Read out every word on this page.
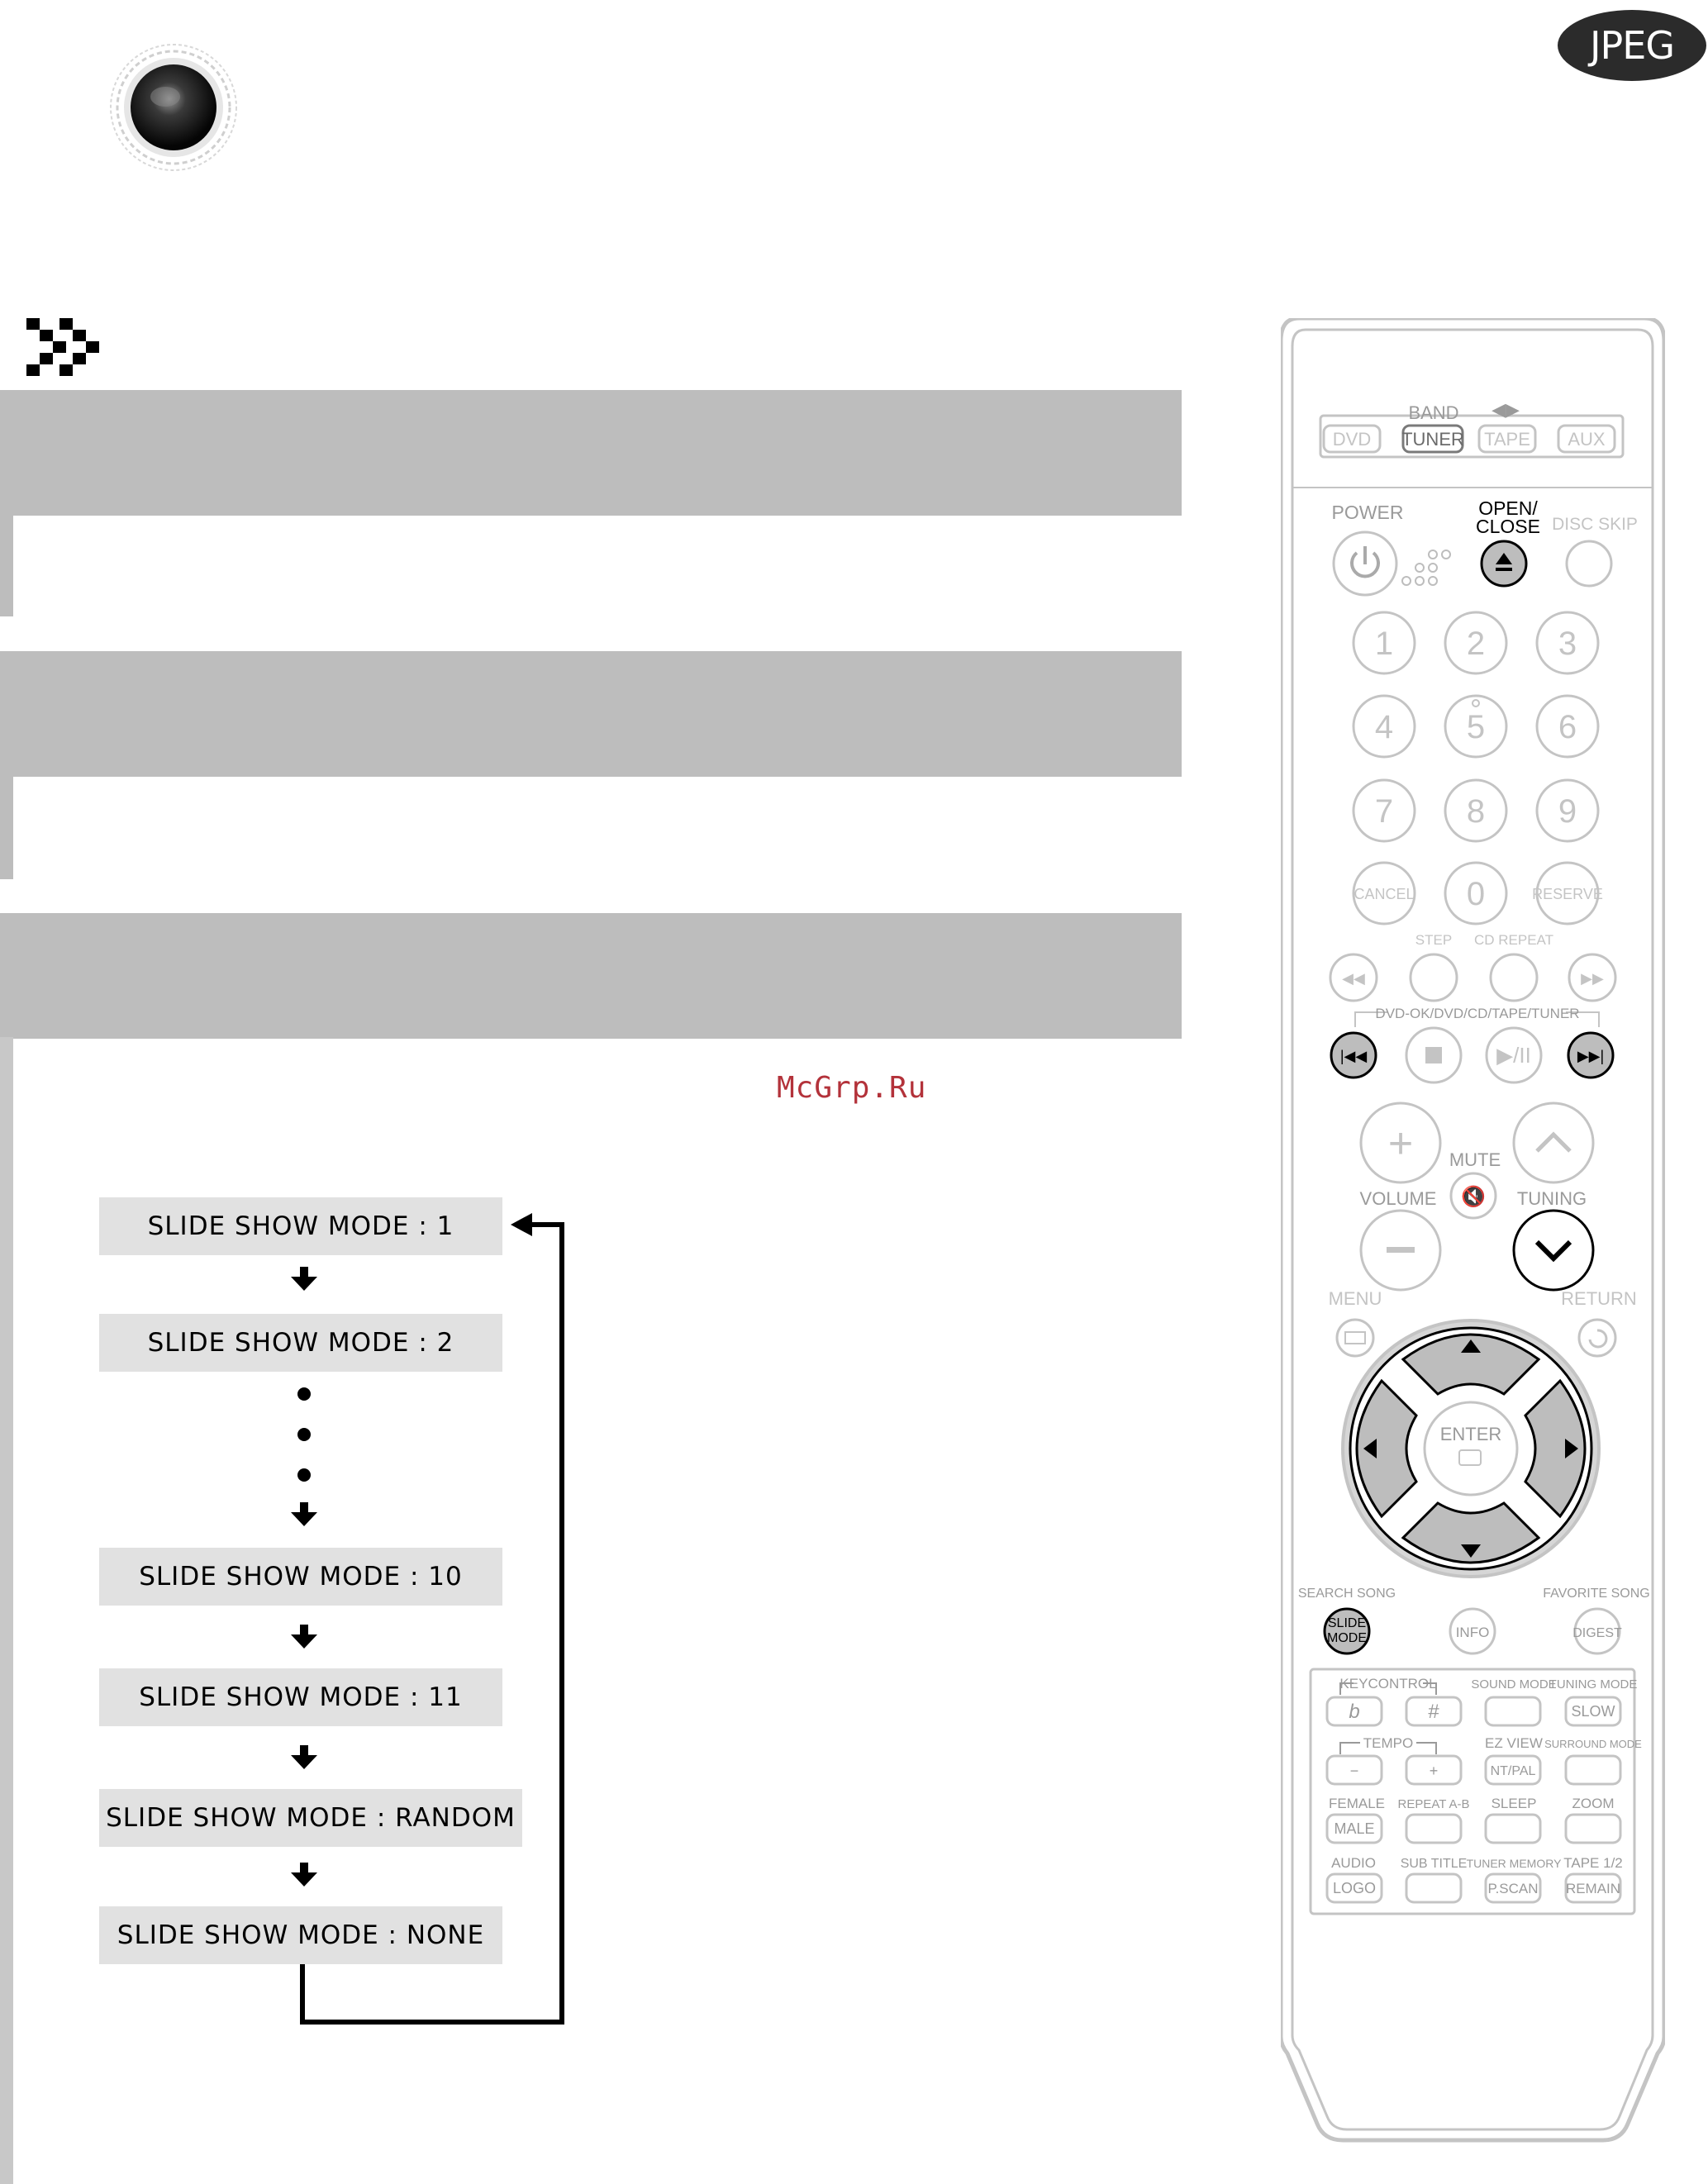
JPEG
McGrp.Ru
SLIDE SHOW MODE : 1
SLIDE SHOW MODE : 2
SLIDE SHOW MODE : 10
SLIDE SHOW MODE : 11
SLIDE SHOW MODE : RANDOM
SLIDE SHOW MODE : NONE
BAND ◀▶
DVD TUNER TAPE AUX
POWER	OPEN/
CLOSE DISC SKIP
1 2 3
4 5 6
7 8 9
CANCEL 0	RESERVE
STEP CD REPEAT
◀◀	▶▶
DVD-OK/DVD/CD/TAPE/TUNER
|◀◀	▶/II	▶▶|
+ MUTE
🔇
VOLUME	TUNING
MENU	RETURN
ENTER
SEARCH SONG	FAVORITE SONG
SLIDE
MODE	INFO	DIGEST
KEYCONTROL	SOUND MODE
TUNING MODE
TEMPO	EZ VIEW SURROUND MODE
FEMALE REPEAT A-B SLEEP	ZOOM
AUDIO SUB TITLE TUNER MEMORY TAPE 1/2
b	#	SLOW
−	+	NT/PAL
MALE
LOGO	P.SCAN REMAIN
